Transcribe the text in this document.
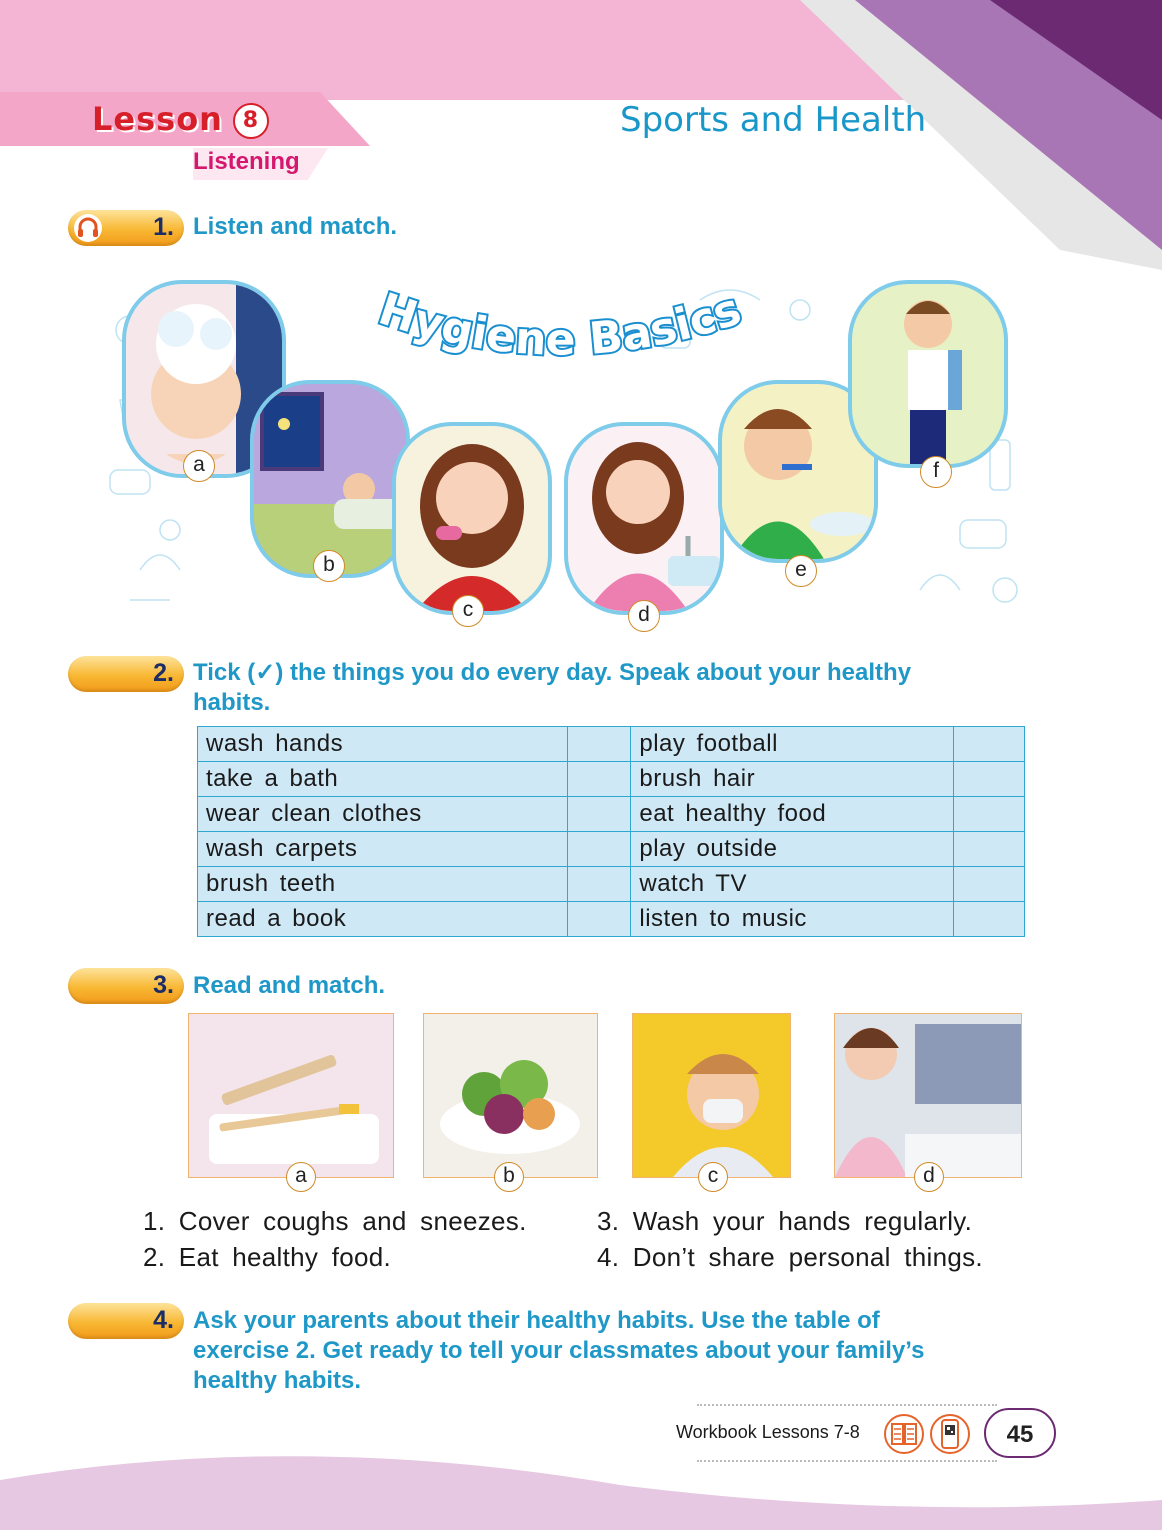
Lesson 8	Sports and Health
Listening
1. Listen and match.
Hygiene Basics
a
b
c	d
e
f
2. Tick (✓) the things you do every day. Speak about your healthy
habits.
wash hands		play football	
take a bath		brush hair	
wear clean clothes		eat healthy food	
wash carpets		play outside	
brush teeth		watch TV	
read a book		listen to music	
3. Read and match.
a	b	c	d
1. Cover coughs and sneezes.
2. Eat healthy food.
3. Wash your hands regularly.
4. Don’t share personal things.
4. Ask your parents about their healthy habits. Use the table of
exercise 2. Get ready to tell your classmates about your family’s
healthy habits.
Workbook Lessons 7-8	45
